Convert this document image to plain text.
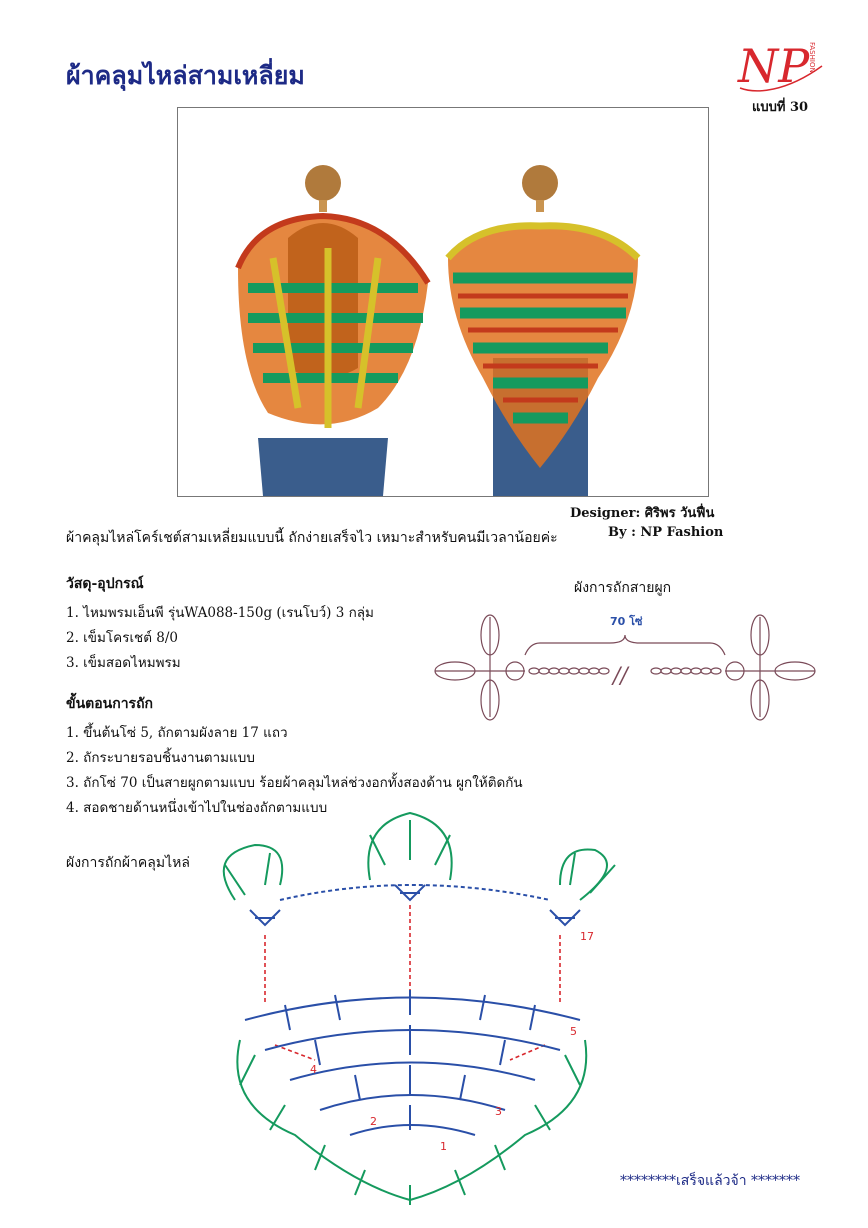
ผ้าคลุมไหล่สามเหลี่ยม	NP
FASHION
แบบที่ 30
Designer: ศิริพร วันฟื่น
By : NP Fashion
ผ้าคลุมไหล่โคร์เชต์สามเหลี่ยมแบบนี้ ถักง่ายเสร็จไว เหมาะสำหรับคนมีเวลาน้อยค่ะ
วัสดุ-อุปกรณ์
1. ไหมพรมเอ็นพี รุ่นWA088-150g (เรนโบว์) 3 กลุ่ม
2. เข็มโครเชต์ 8/0
3. เข็มสอดไหมพรม
ขั้นตอนการถัก
1. ขึ้นต้นโซ่ 5, ถักตามผังลาย 17 แถว
2. ถักระบายรอบชิ้นงานตามแบบ
3. ถักโซ่ 70 เป็นสายผูกตามแบบ ร้อยผ้าคลุมไหล่ช่วงอกทั้งสองด้าน ผูกให้ติดกัน
4. สอดชายด้านหนึ่งเข้าไปในช่องถักตามแบบ
ผังการถักสายผูก
//
70 โซ่
ผังการถักผ้าคลุมไหล่
1
2
3
4
5
17
********เสร็จแล้วจ้า *******
